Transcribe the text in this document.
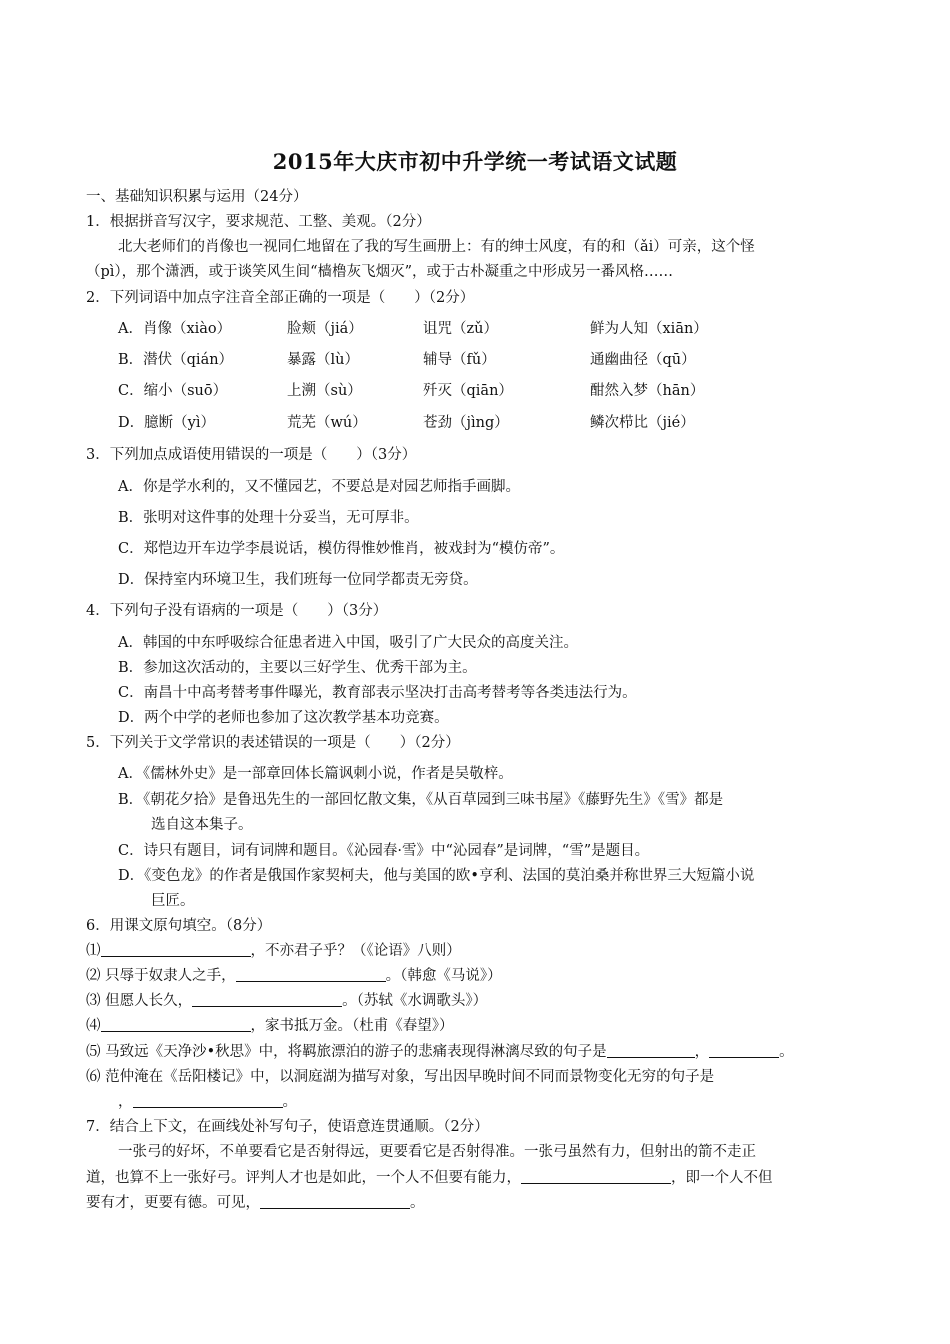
2015年大庆市初中升学统一考试语文试题
一、基础知识积累与运用（24分）
1．根据拼音写汉字，要求规范、工整、美观。（2分）
北大老师们的肖像也一视同仁地留在了我的写生画册上：有的绅士风度，有的和（ǎi）可亲，这个怪
（pì），那个潇洒，或于谈笑风生间“樯橹灰飞烟灭”，或于古朴凝重之中形成另一番风格……
2．下列词语中加点字注音全部正确的一项是（　　）（2分）
A．肖像（xiào）	脸颊（jiá）	诅咒（zǔ）	鲜为人知（xiān）
B．潜伏（qián）	暴露（lù）	辅导（fǔ）	通幽曲径（qū）
C．缩小（suō）	上溯（sù）	歼灭（qiān）	酣然入梦（hān）
D．臆断（yì）	荒芜（wú）	苍劲（jìng）	鳞次栉比（jié）
3．下列加点成语使用错误的一项是（　　）（3分）
A．你是学水利的，又不懂园艺，不要总是对园艺师指手画脚。
B．张明对这件事的处理十分妥当，无可厚非。
C．郑恺边开车边学李晨说话，模仿得惟妙惟肖，被戏封为“模仿帝”。
D．保持室内环境卫生，我们班每一位同学都责无旁贷。
4．下列句子没有语病的一项是（　　）（3分）
A．韩国的中东呼吸综合征患者进入中国，吸引了广大民众的高度关注。
B．参加这次活动的，主要以三好学生、优秀干部为主。
C．南昌十中高考替考事件曝光，教育部表示坚决打击高考替考等各类违法行为。
D．两个中学的老师也参加了这次教学基本功竞赛。
5．下列关于文学常识的表述错误的一项是（　　）（2分）
A．《儒林外史》是一部章回体长篇讽刺小说，作者是吴敬梓。
B．《朝花夕拾》是鲁迅先生的一部回忆散文集，《从百草园到三味书屋》《藤野先生》《雪》都是
选自这本集子。
C．诗只有题目，词有词牌和题目。《沁园春·雪》中“沁园春”是词牌，“雪”是题目。
D．《变色龙》的作者是俄国作家契柯夫，他与美国的欧•亨利、法国的莫泊桑并称世界三大短篇小说
巨匠。
6．用课文原句填空。（8分）
⑴	，不亦君子乎？（《论语》八则）
⑵ 只辱于奴隶人之手，	。（韩愈《马说》）
⑶ 但愿人长久，	。（苏轼《水调歌头》）
⑷	，家书抵万金。（杜甫《春望》）
⑸ 马致远《天净沙•秋思》中，将羁旅漂泊的游子的悲痛表现得淋漓尽致的句子是	，	。
⑹ 范仲淹在《岳阳楼记》中，以洞庭湖为描写对象，写出因早晚时间不同而景物变化无穷的句子是
，	。
7．结合上下文，在画线处补写句子，使语意连贯通顺。（2分）
一张弓的好坏，不单要看它是否射得远，更要看它是否射得准。一张弓虽然有力，但射出的箭不走正
道，也算不上一张好弓。评判人才也是如此，一个人不但要有能力，	，即一个人不但
要有才，更要有德。可见，	。
